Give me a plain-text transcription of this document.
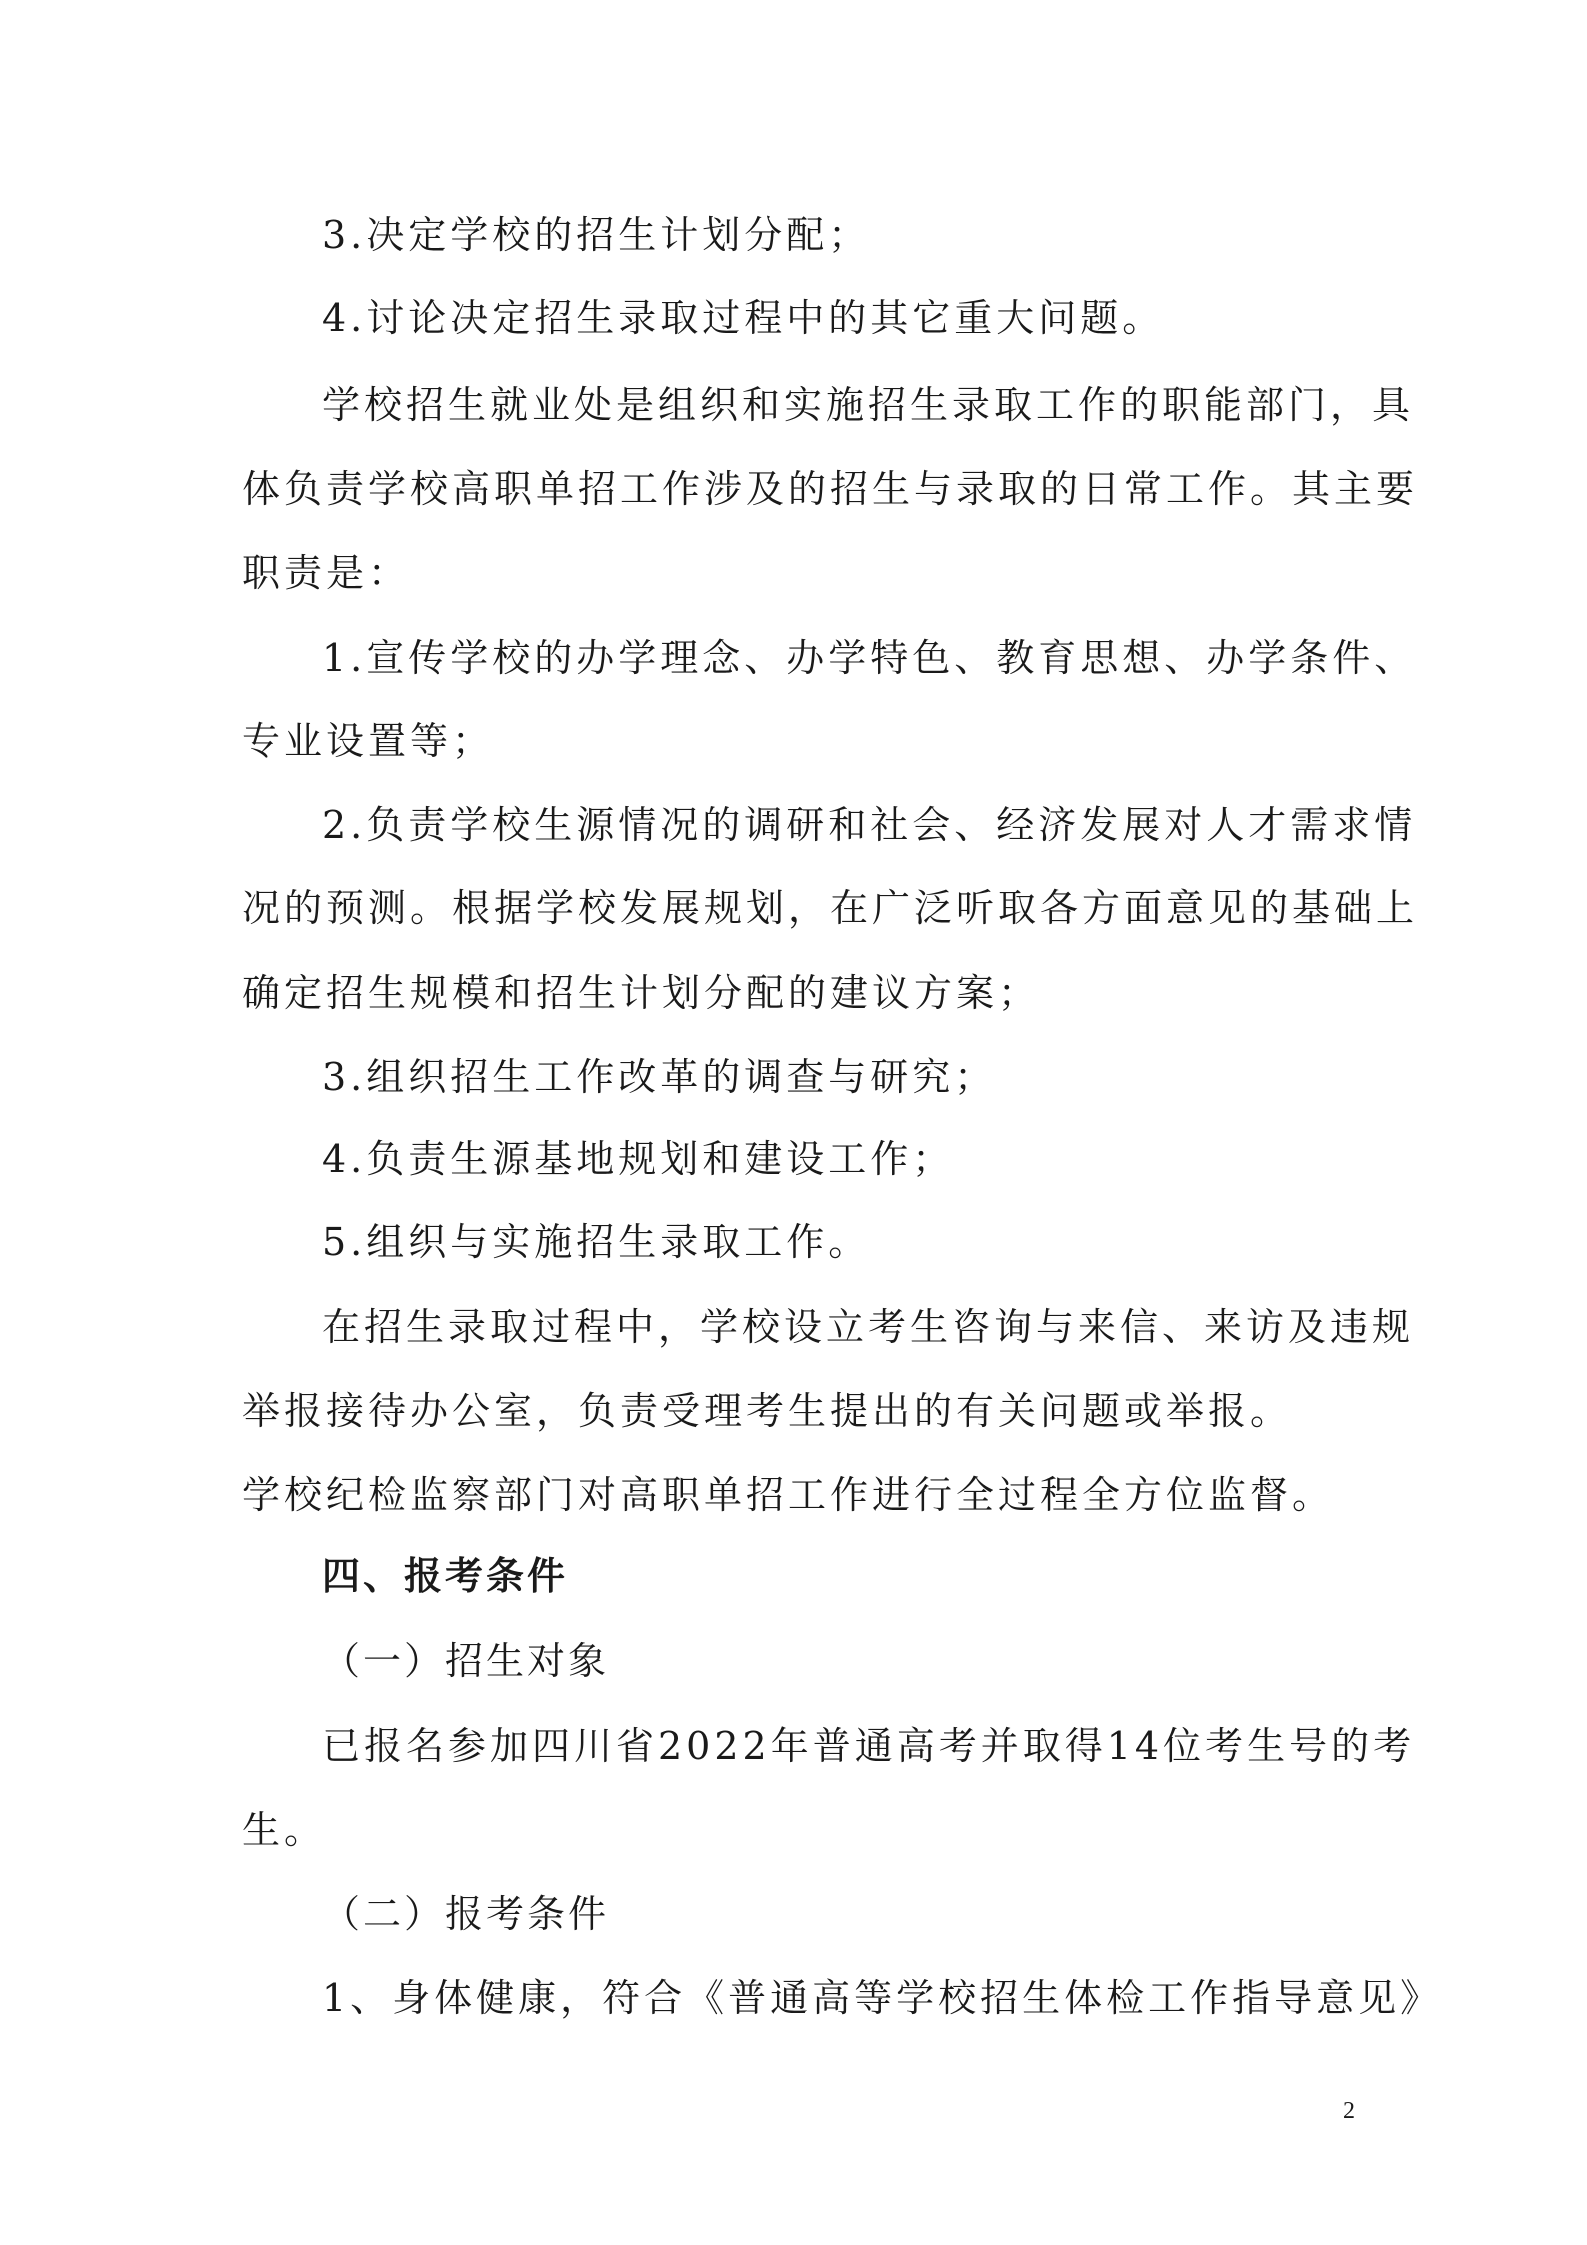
3.决定学校的招生计划分配；
4.讨论决定招生录取过程中的其它重大问题。
学校招生就业处是组织和实施招生录取工作的职能部门，具
体负责学校高职单招工作涉及的招生与录取的日常工作。其主要
职责是：
1.宣传学校的办学理念、办学特色、教育思想、办学条件、
专业设置等；
2.负责学校生源情况的调研和社会、经济发展对人才需求情
况的预测。根据学校发展规划，在广泛听取各方面意见的基础上
确定招生规模和招生计划分配的建议方案；
3.组织招生工作改革的调查与研究；
4.负责生源基地规划和建设工作；
5.组织与实施招生录取工作。
在招生录取过程中，学校设立考生咨询与来信、来访及违规
举报接待办公室，负责受理考生提出的有关问题或举报。
学校纪检监察部门对高职单招工作进行全过程全方位监督。
四、报考条件
（一）招生对象
已报名参加四川省2022年普通高考并取得14位考生号的考
生。
（二）报考条件
1、身体健康，符合《普通高等学校招生体检工作指导意见》
2
